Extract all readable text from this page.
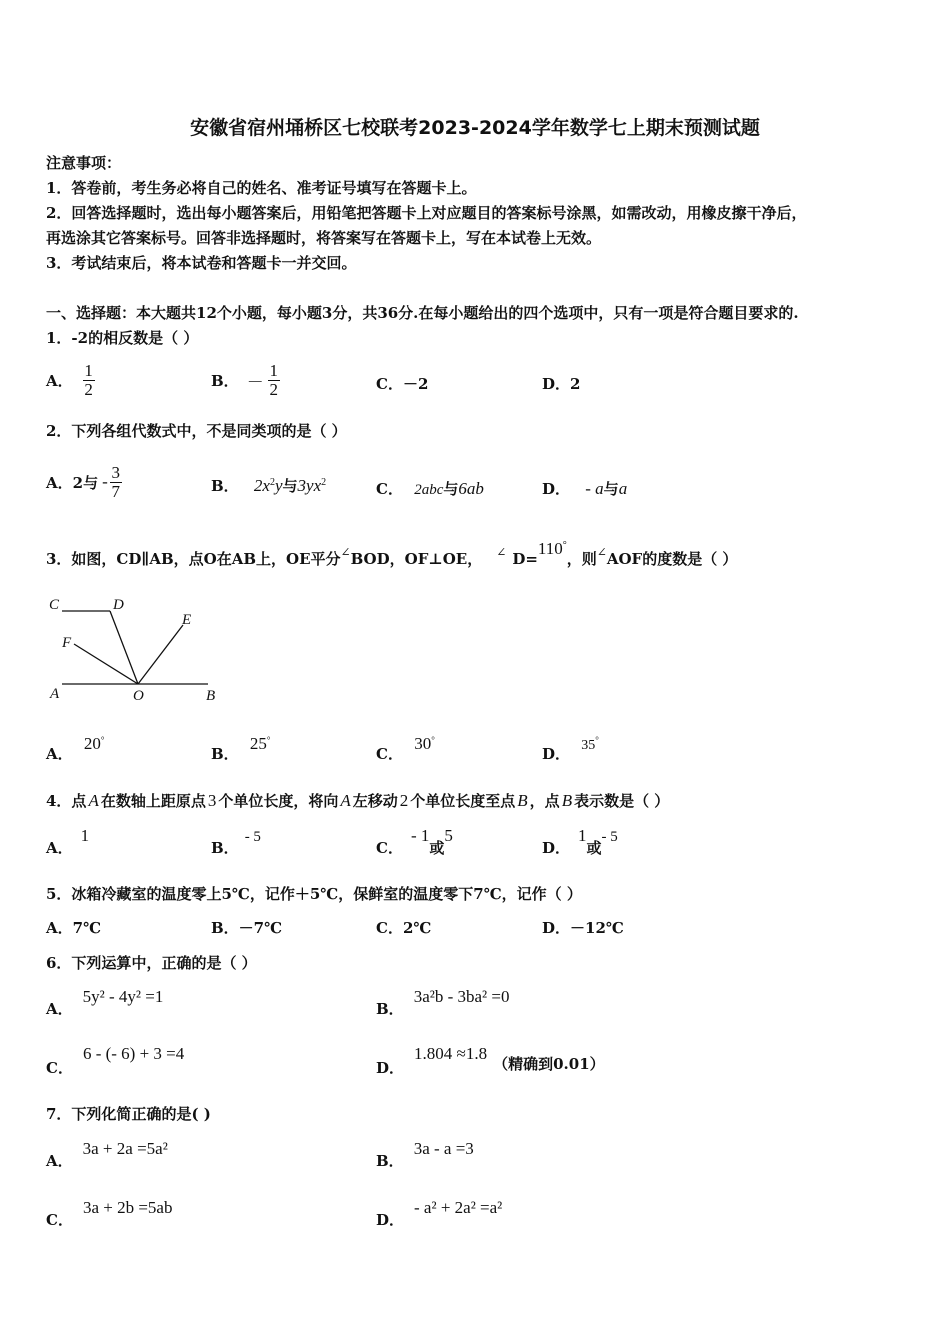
安徽省宿州埇桥区七校联考2023-2024学年数学七上期末预测试题
注意事项：
1．答卷前，考生务必将自己的姓名、准考证号填写在答题卡上。
2．回答选择题时，选出每小题答案后，用铅笔把答题卡上对应题目的答案标号涂黑，如需改动，用橡皮擦干净后，
再选涂其它答案标号。回答非选择题时，将答案写在答题卡上，写在本试卷上无效。
3．考试结束后，将本试卷和答题卡一并交回。
一、选择题：本大题共12个小题，每小题3分，共36分.在每小题给出的四个选项中，只有一项是符合题目要求的.
1．-2的相反数是（ ）
A． $\frac{1}{2}$	B． － $\frac{1}{2}$	C．－2	D．2
2．下列各组代数式中，不是同类项的是（ ）
A．2与 - $\frac{3}{7}$	B． $2x^2y$与$3yx^2$	C． 2abc与6ab	D． - a与a
3．如图，CD∥AB，点O在AB上，OE平分 ∠ BOD，OF⊥OE， ∠ D=
110 °
，则 ∠ AOF的度数是（ ）
C	D
E
F
A	O	B
A． 20°
B． 25°
C． 30°
D． 35°
4．点 A 在数轴上距原点 3 个单位长度，将向 A 左移动 2 个单位长度至点 B ，点 B 表示数是（ ）
A．1
B．- 5
C．- 1或5
D．1或- 5
5．冰箱冷藏室的温度零上5℃，记作＋5℃，保鲜室的温度零下7℃，记作（ ）
A．7℃	B．－7℃	C．2℃	D．－12℃
6．下列运算中，正确的是（ ）
A．5y² - 4y² =1
B．3a²b - 3ba² =0
C．6 - (- 6) + 3 =4
D．1.804 ≈1.8（精确到0.01）
7．下列化简正确的是( )
A．3a + 2a =5a²
B．3a - a =3
C．3a + 2b =5ab
D．- a² + 2a² =a²
